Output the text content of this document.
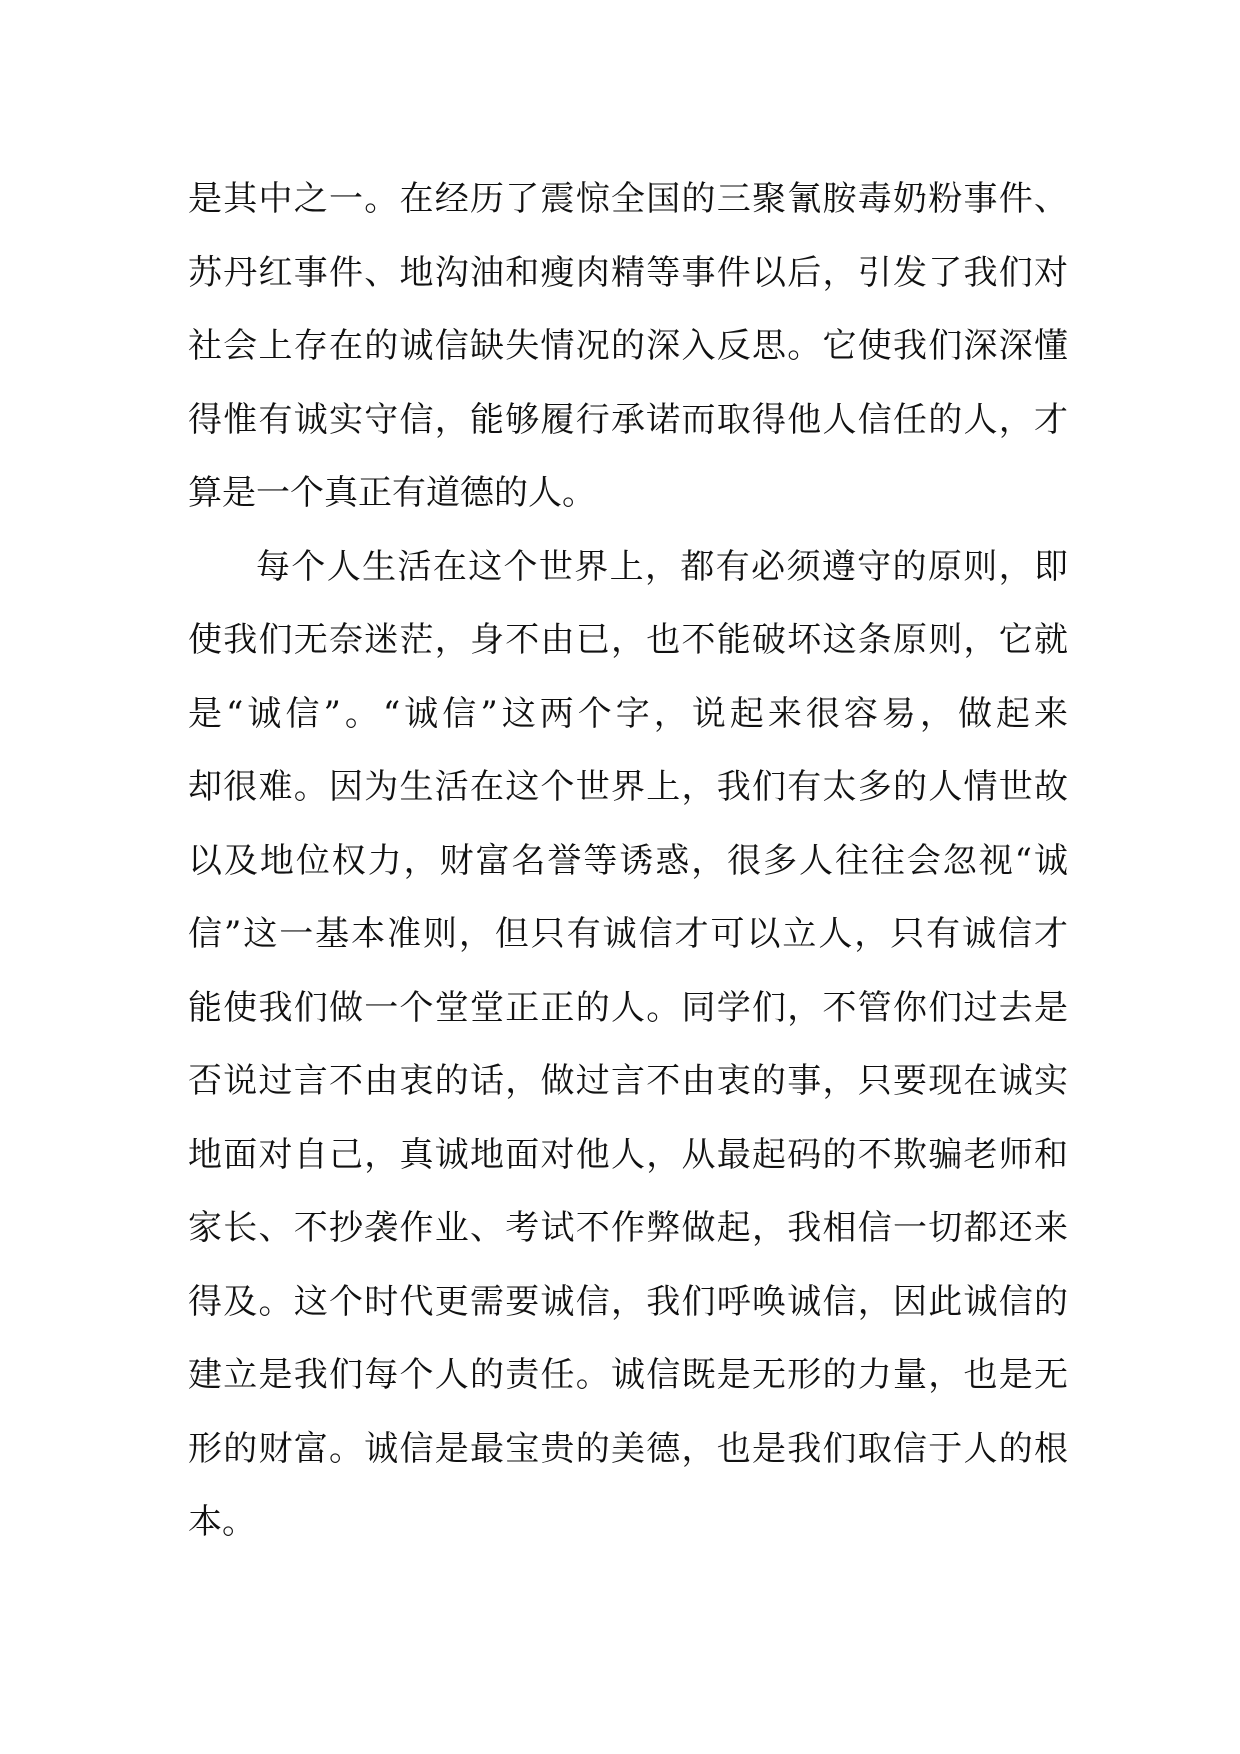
是其中之一。在经历了震惊全国的三聚氰胺毒奶粉事件、
苏丹红事件、地沟油和瘦肉精等事件以后，引发了我们对
社会上存在的诚信缺失情况的深入反思。它使我们深深懂
得惟有诚实守信，能够履行承诺而取得他人信任的人，才
算是一个真正有道德的人。
每个人生活在这个世界上，都有必须遵守的原则，即
使我们无奈迷茫，身不由已，也不能破坏这条原则，它就
是“诚信”。“诚信”这两个字，说起来很容易，做起来
却很难。因为生活在这个世界上，我们有太多的人情世故
以及地位权力，财富名誉等诱惑，很多人往往会忽视“诚
信”这一基本准则，但只有诚信才可以立人，只有诚信才
能使我们做一个堂堂正正的人。同学们，不管你们过去是
否说过言不由衷的话，做过言不由衷的事，只要现在诚实
地面对自己，真诚地面对他人，从最起码的不欺骗老师和
家长、不抄袭作业、考试不作弊做起，我相信一切都还来
得及。这个时代更需要诚信，我们呼唤诚信，因此诚信的
建立是我们每个人的责任。诚信既是无形的力量，也是无
形的财富。诚信是最宝贵的美德，也是我们取信于人的根
本。
